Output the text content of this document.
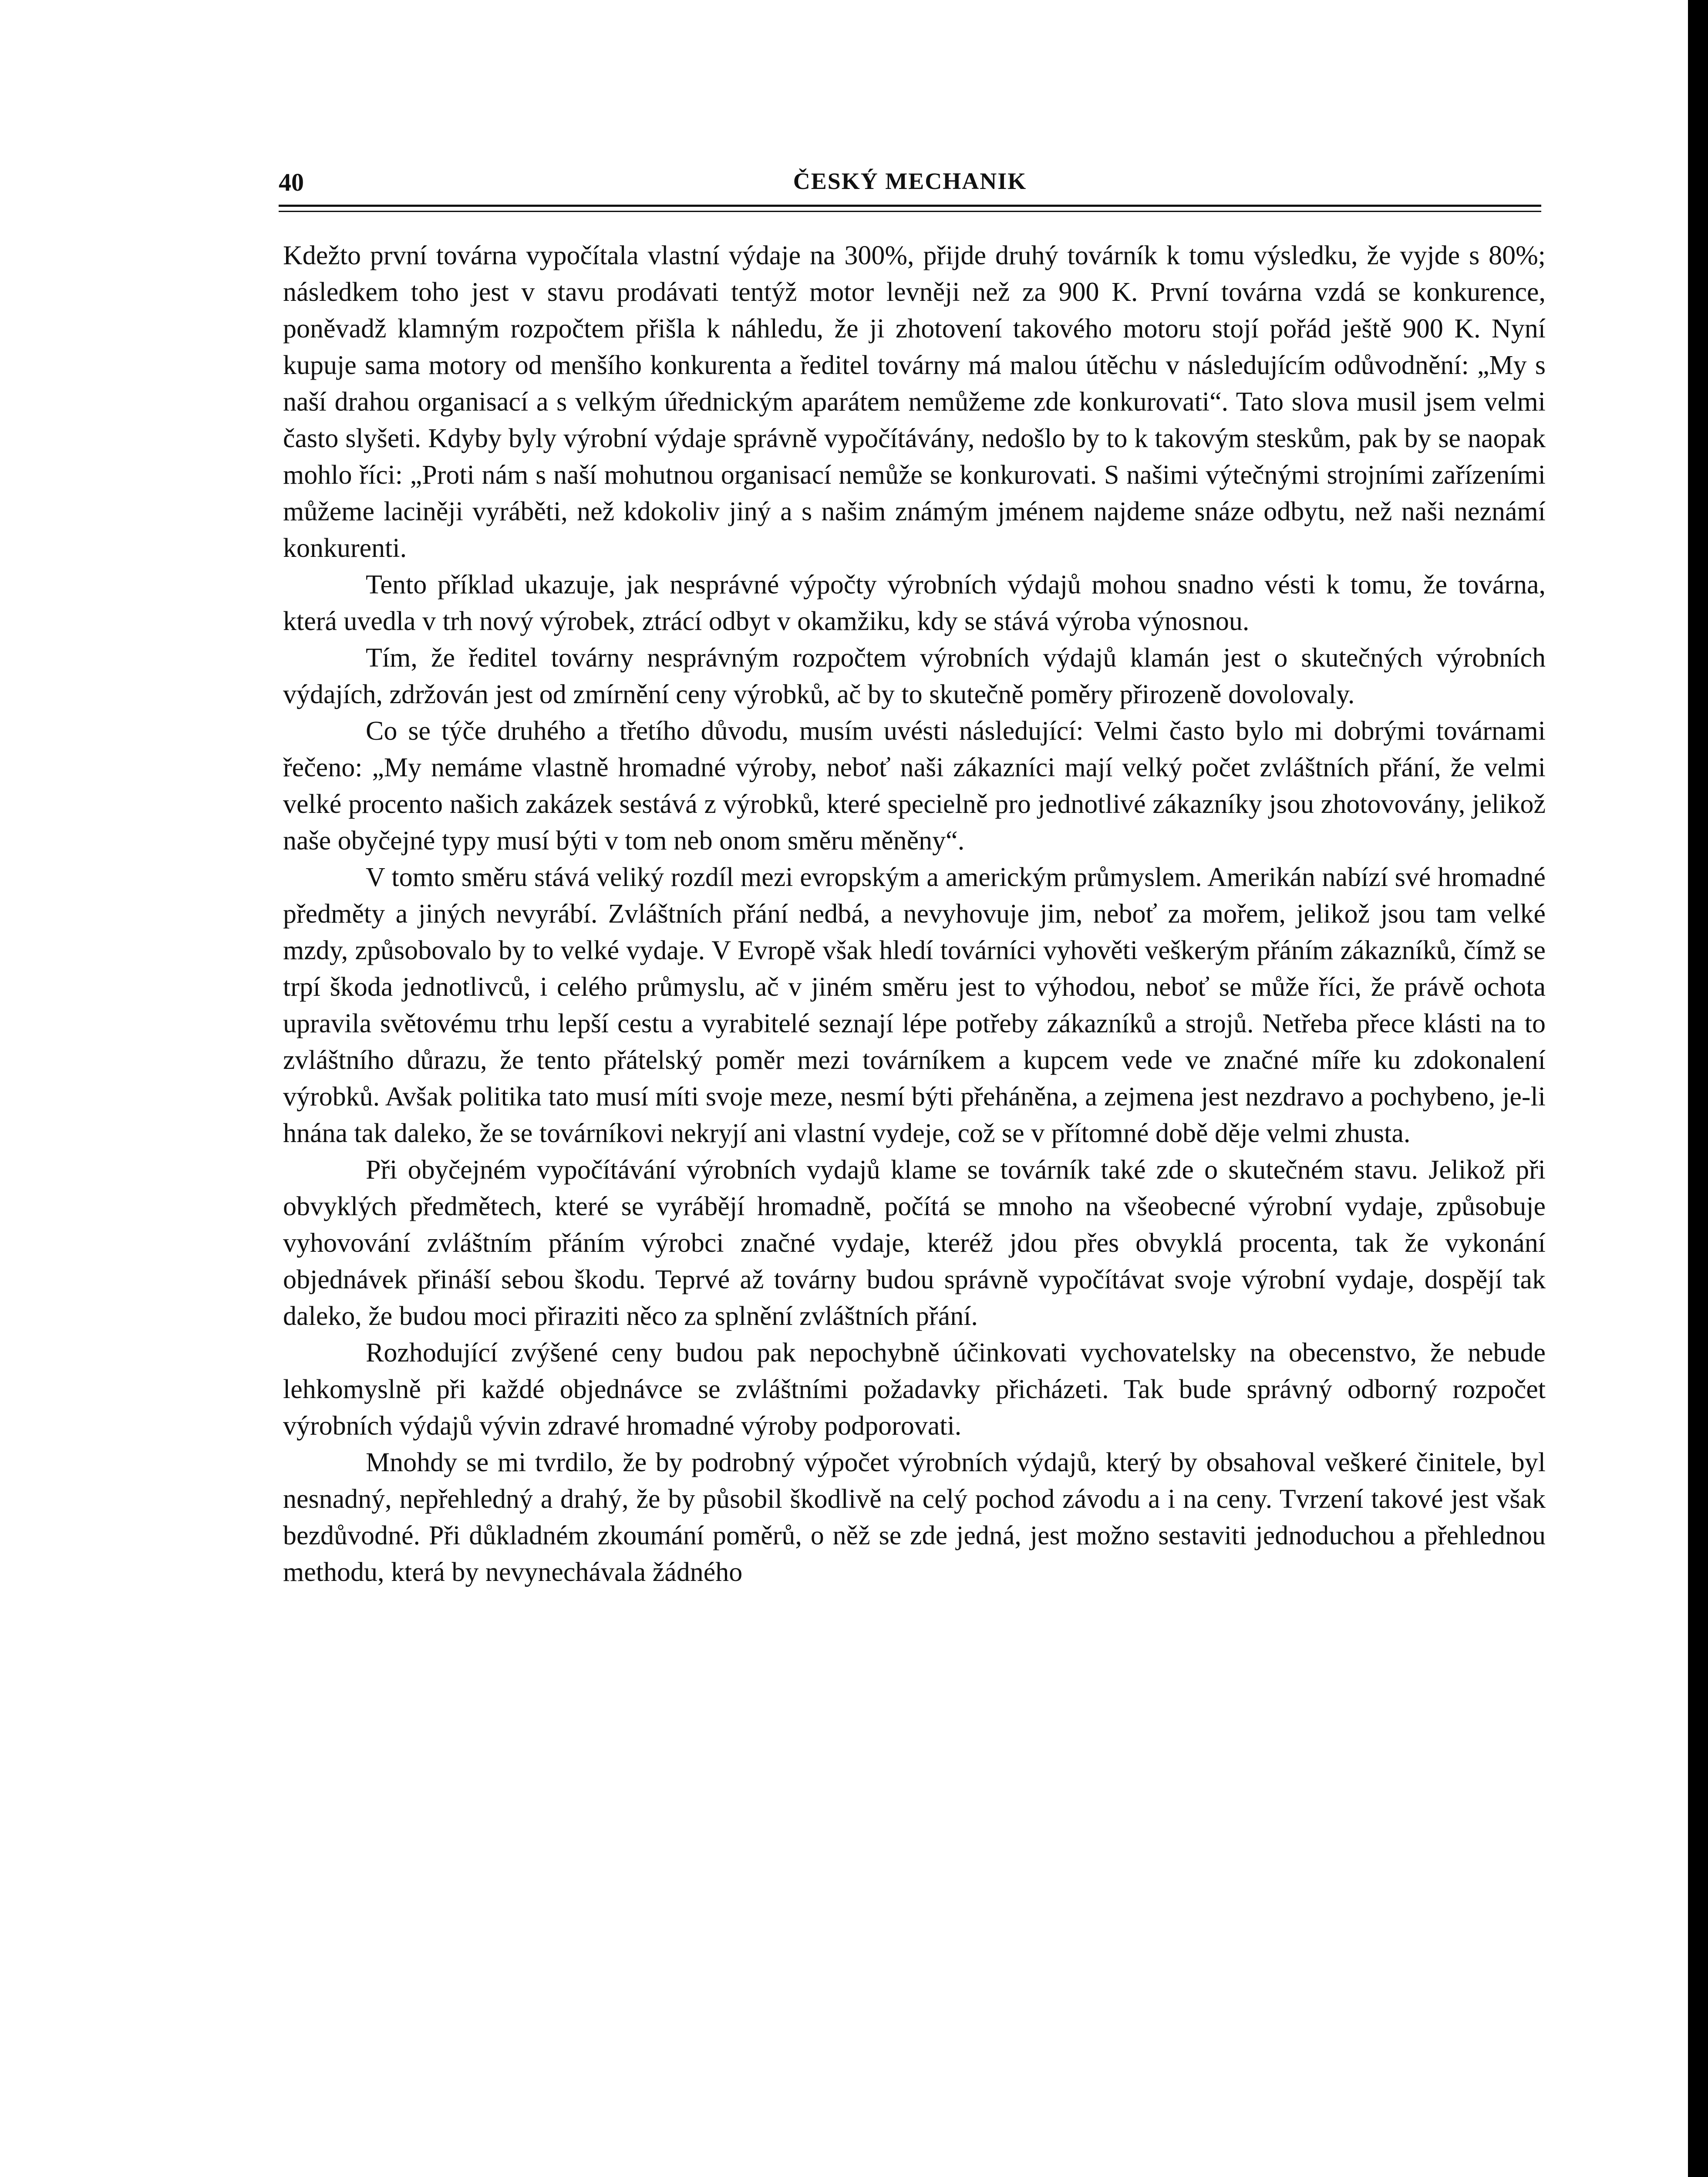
40	ČESKÝ MECHANIK

Kdežto první továrna vypočítala vlastní výdaje na 300%, přijde druhý továrník k tomu výsledku, že vyjde s 80%; následkem toho jest v stavu prodávati tentýž motor levněji než za 900 K. První továrna vzdá se konkurence, poněvadž klamným rozpočtem přišla k náhledu, že ji zhotovení takového motoru stojí pořád ještě 900 K. Nyní kupuje sama motory od menšího konkurenta a ředitel továrny má malou útěchu v následujícím odůvodnění: „My s naší drahou organisací a s velkým úřednickým aparátem nemůžeme zde konkurovati“. Tato slova musil jsem velmi často slyšeti. Kdyby byly výrobní výdaje správně vypočítávány, nedošlo by to k takovým steskům, pak by se naopak mohlo říci: „Proti nám s naší mohutnou organisací nemůže se konkurovati. S našimi výtečnými strojními zařízeními můžeme laciněji vyráběti, než kdokoliv jiný a s našim známým jménem najdeme snáze odbytu, než naši neznámí konkurenti.

Tento příklad ukazuje, jak nesprávné výpočty výrobních výdajů mohou snadno vésti k tomu, že továrna, která uvedla v trh nový výrobek, ztrácí odbyt v okamžiku, kdy se stává výroba výnosnou.

Tím, že ředitel továrny nesprávným rozpočtem výrobních výdajů klamán jest o skutečných výrobních výdajích, zdržován jest od zmírnění ceny výrobků, ač by to skutečně poměry přirozeně dovolovaly.

Co se týče druhého a třetího důvodu, musím uvésti následující: Velmi často bylo mi dobrými továrnami řečeno: „My nemáme vlastně hromadné výroby, neboť naši zákazníci mají velký počet zvláštních přání, že velmi velké procento našich zakázek sestává z výrobků, které specielně pro jednotlivé zákazníky jsou zhotovovány, jelikož naše obyčejné typy musí býti v tom neb onom směru měněny“.

V tomto směru stává veliký rozdíl mezi evropským a americkým průmyslem. Amerikán nabízí své hromadné předměty a jiných nevyrábí. Zvláštních přání nedbá, a nevyhovuje jim, neboť za mořem, jelikož jsou tam velké mzdy, způsobovalo by to velké vydaje. V Evropě však hledí továrníci vyhověti veškerým přáním zákazníků, čímž se trpí škoda jednotlivců, i celého průmyslu, ač v jiném směru jest to výhodou, neboť se může říci, že právě ochota upravila světovému trhu lepší cestu a vyrabitelé seznají lépe potřeby zákazníků a strojů. Netřeba přece klásti na to zvláštního důrazu, že tento přátelský poměr mezi továrníkem a kupcem vede ve značné míře ku zdokonalení výrobků. Avšak politika tato musí míti svoje meze, nesmí býti přeháněna, a zejmena jest nezdravo a pochybeno, je-li hnána tak daleko, že se továrníkovi nekryjí ani vlastní vydeje, což se v přítomné době děje velmi zhusta.

Při obyčejném vypočítávání výrobních vydajů klame se továrník také zde o skutečném stavu. Jelikož při obvyklých předmětech, které se vyrábějí hromadně, počítá se mnoho na všeobecné výrobní vydaje, způsobuje vyhovování zvláštním přáním výrobci značné vydaje, kteréž jdou přes obvyklá procenta, tak že vykonání objednávek přináší sebou škodu. Teprvé až továrny budou správně vypočítávat svoje výrobní vydaje, dospějí tak daleko, že budou moci přiraziti něco za splnění zvláštních přání.

Rozhodující zvýšené ceny budou pak nepochybně účinkovati vychovatelsky na obecenstvo, že nebude lehkomyslně při každé objednávce se zvláštními požadavky přicházeti. Tak bude správný odborný rozpočet výrobních výdajů vývin zdravé hromadné výroby podporovati.

Mnohdy se mi tvrdilo, že by podrobný výpočet výrobních výdajů, který by obsahoval veškeré činitele, byl nesnadný, nepřehledný a drahý, že by působil škodlivě na celý pochod závodu a i na ceny. Tvrzení takové jest však bezdůvodné. Při důkladném zkoumání poměrů, o něž se zde jedná, jest možno sestaviti jednoduchou a přehlednou methodu, která by nevynechávala žádného
